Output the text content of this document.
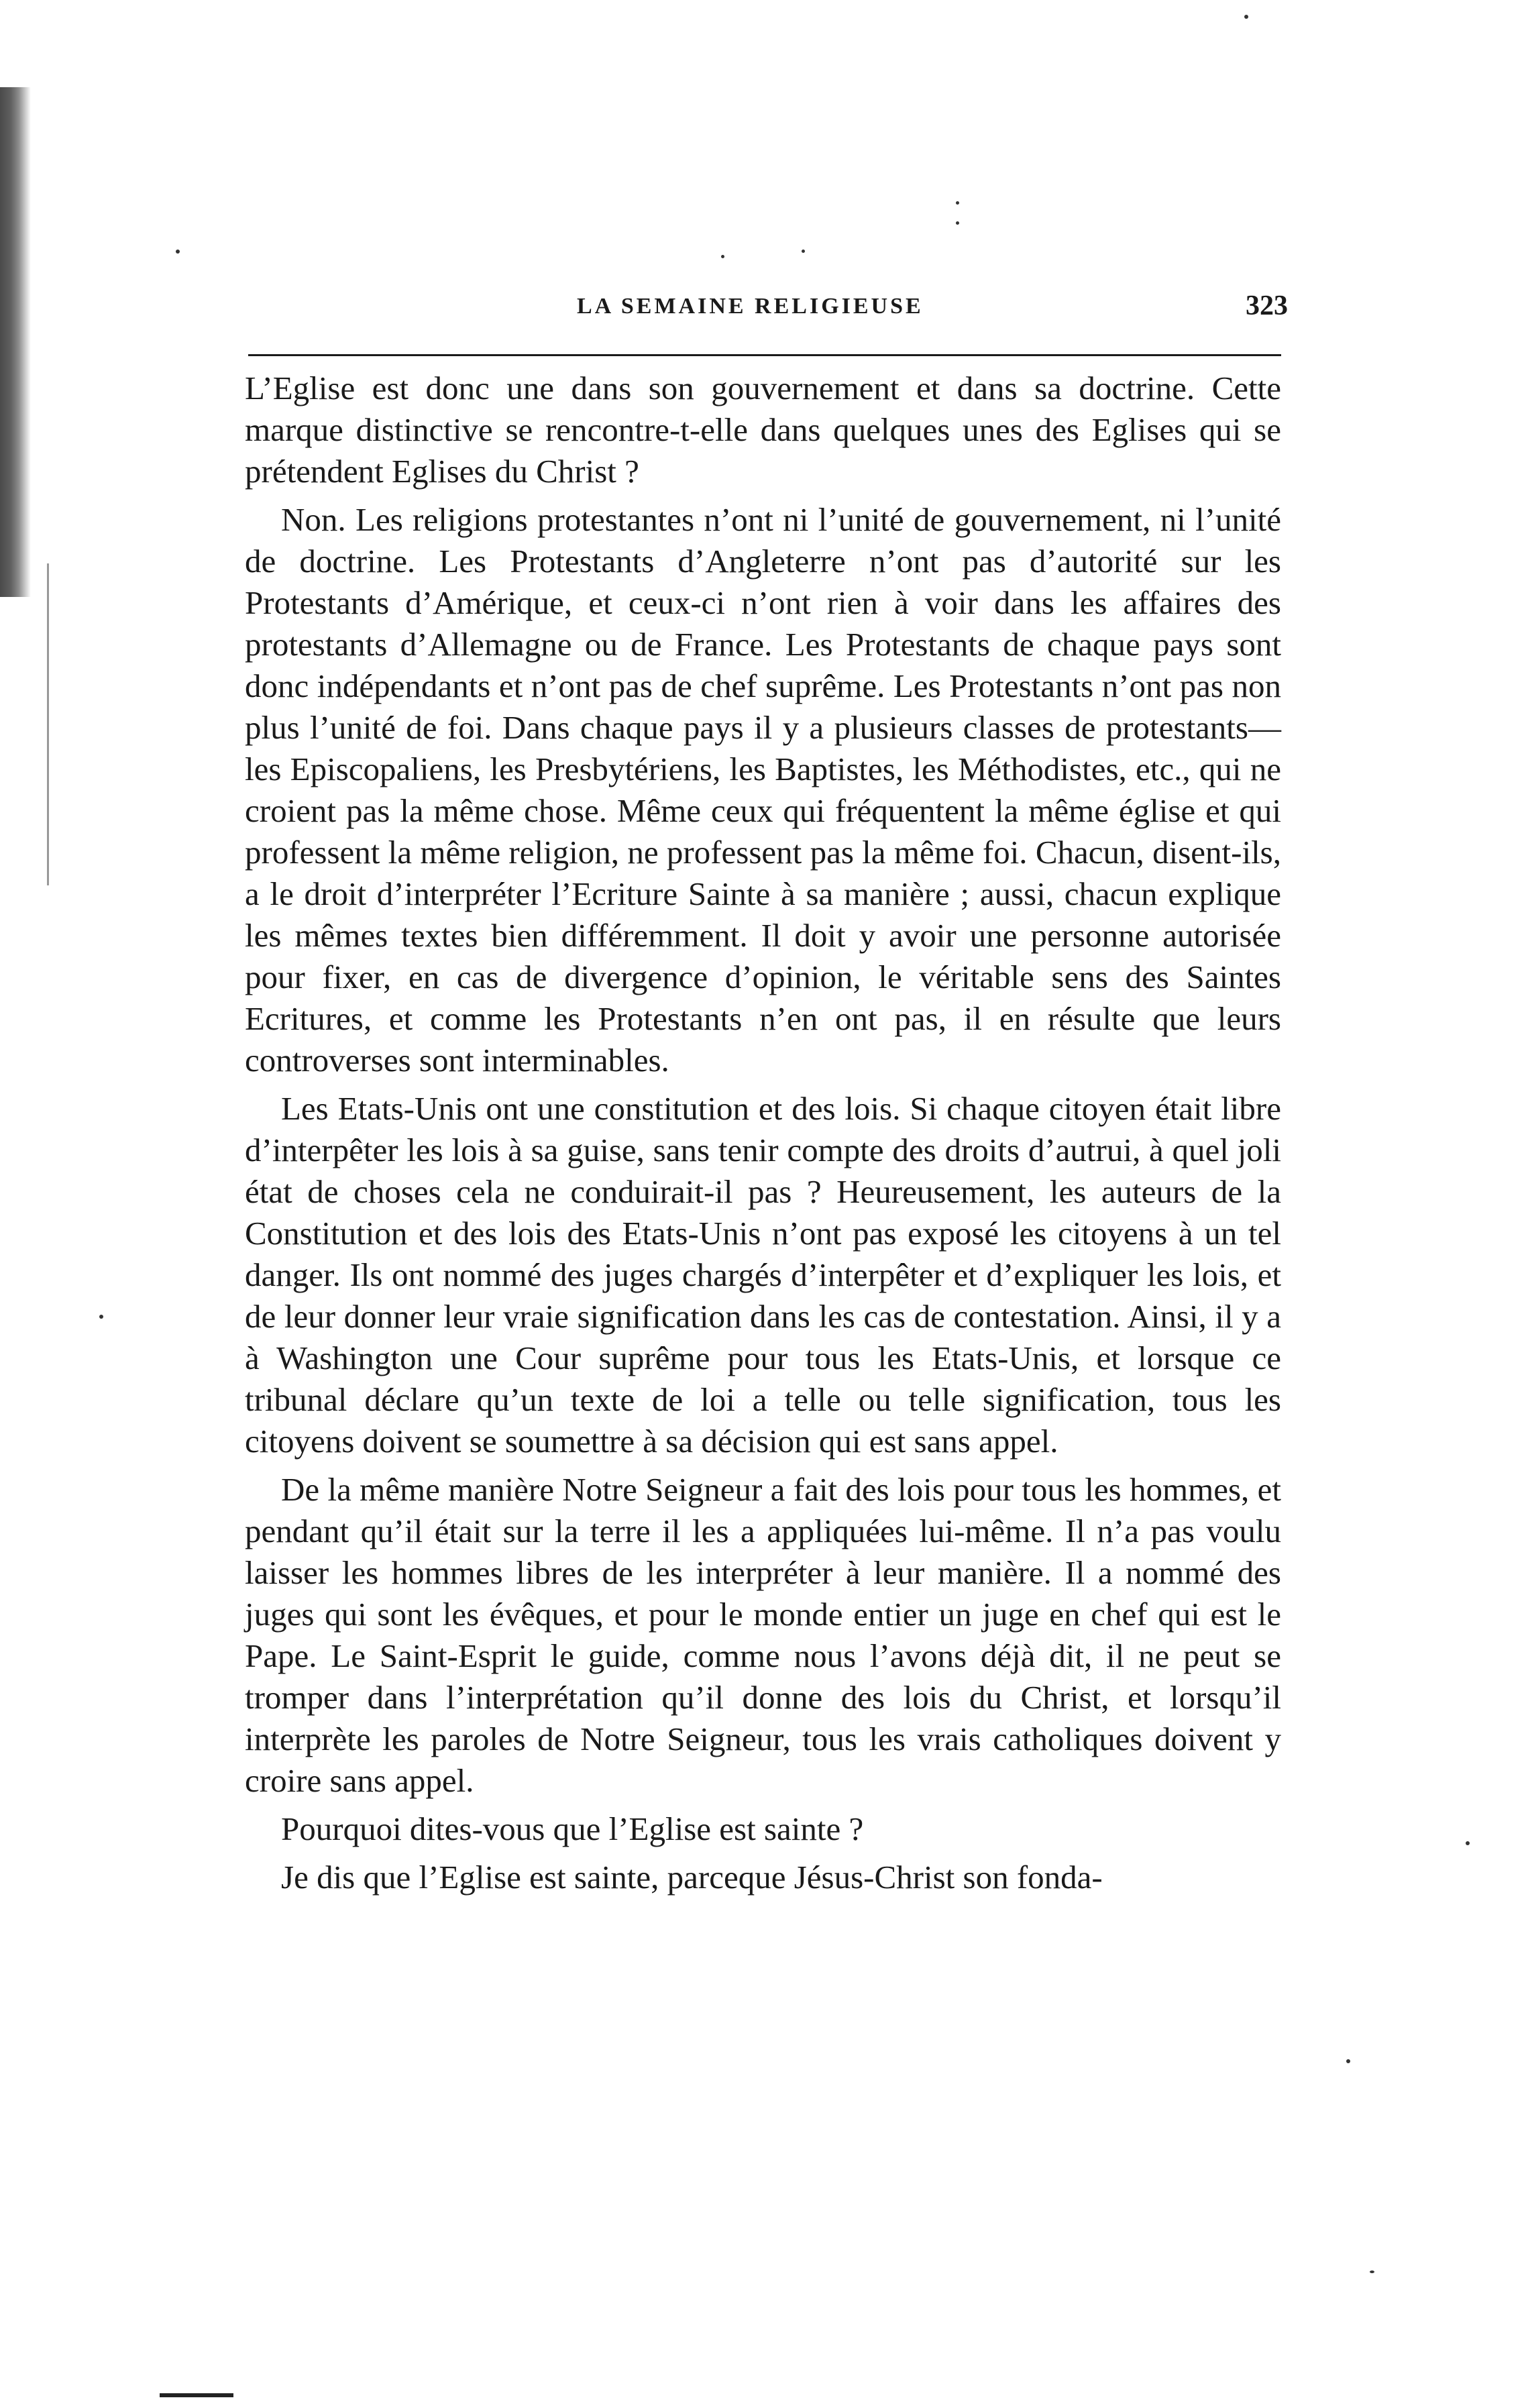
LA SEMAINE RELIGIEUSE	323

L’Eglise est donc une dans son gouvernement et dans sa doctrine. Cette marque distinctive se rencontre-t-elle dans quelques unes des Eglises qui se prétendent Eglises du Christ ?

Non. Les religions protestantes n’ont ni l’unité de gouvernement, ni l’unité de doctrine. Les Protestants d’Angleterre n’ont pas d’autorité sur les Protestants d’Amérique, et ceux-ci n’ont rien à voir dans les affaires des protestants d’Allemagne ou de France. Les Protestants de chaque pays sont donc indépendants et n’ont pas de chef suprême. Les Protestants n’ont pas non plus l’unité de foi. Dans chaque pays il y a plusieurs classes de protestants—les Episcopaliens, les Presbytériens, les Baptistes, les Méthodistes, etc., qui ne croient pas la même chose. Même ceux qui fréquentent la même église et qui professent la même religion, ne professent pas la même foi. Chacun, disent-ils, a le droit d’interpréter l’Ecriture Sainte à sa manière ; aussi, chacun explique les mêmes textes bien différemment. Il doit y avoir une personne autorisée pour fixer, en cas de divergence d’opinion, le véritable sens des Saintes Ecritures, et comme les Protestants n’en ont pas, il en résulte que leurs controverses sont interminables.

Les Etats-Unis ont une constitution et des lois. Si chaque citoyen était libre d’interpêter les lois à sa guise, sans tenir compte des droits d’autrui, à quel joli état de choses cela ne conduirait-il pas ? Heureusement, les auteurs de la Constitution et des lois des Etats-Unis n’ont pas exposé les citoyens à un tel danger. Ils ont nommé des juges chargés d’interpêter et d’expliquer les lois, et de leur donner leur vraie signification dans les cas de contestation. Ainsi, il y a à Washington une Cour suprême pour tous les Etats-Unis, et lorsque ce tribunal déclare qu’un texte de loi a telle ou telle signification, tous les citoyens doivent se soumettre à sa décision qui est sans appel.

De la même manière Notre Seigneur a fait des lois pour tous les hommes, et pendant qu’il était sur la terre il les a appliquées lui-même. Il n’a pas voulu laisser les hommes libres de les interpréter à leur manière. Il a nommé des juges qui sont les évêques, et pour le monde entier un juge en chef qui est le Pape. Le Saint-Esprit le guide, comme nous l’avons déjà dit, il ne peut se tromper dans l’interprétation qu’il donne des lois du Christ, et lorsqu’il interprète les paroles de Notre Seigneur, tous les vrais catholiques doivent y croire sans appel.

Pourquoi dites-vous que l’Eglise est sainte ?

Je dis que l’Eglise est sainte, parceque Jésus-Christ son fonda-
